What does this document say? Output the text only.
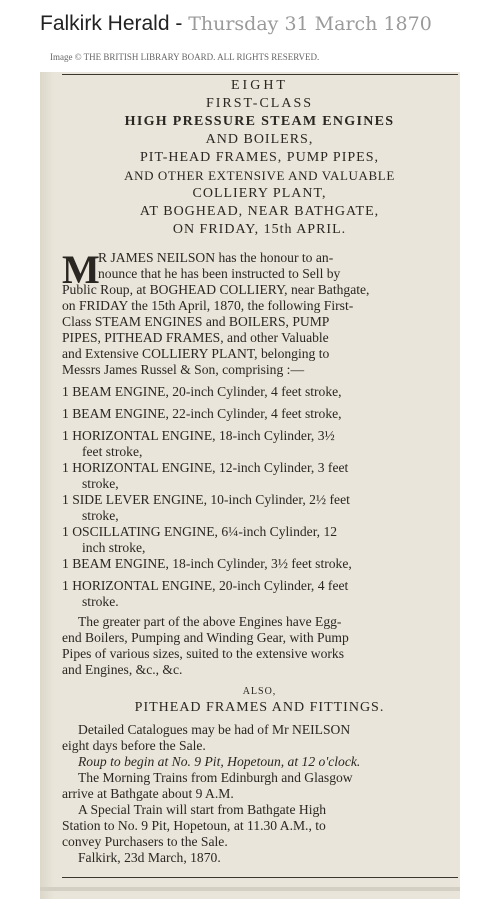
Falkirk Herald - Thursday 31 March 1870
Image © THE BRITISH LIBRARY BOARD. ALL RIGHTS RESERVED.
EIGHT
FIRST-CLASS
HIGH PRESSURE STEAM ENGINES
AND BOILERS,
PIT-HEAD FRAMES, PUMP PIPES,
AND OTHER EXTENSIVE AND VALUABLE
COLLIERY PLANT,
AT BOGHEAD, NEAR BATHGATE,
ON FRIDAY, 15th APRIL.
M
R JAMES NEILSON has the honour to an-
nounce that he has been instructed to Sell by
Public Roup, at BOGHEAD COLLIERY, near Bathgate,
on FRIDAY the 15th April, 1870, the following First-
Class STEAM ENGINES and BOILERS, PUMP
PIPES, PITHEAD FRAMES, and other Valuable
and Extensive COLLIERY PLANT, belonging to
Messrs James Russel & Son, comprising :—
1 BEAM ENGINE, 20-inch Cylinder, 4 feet stroke,
1 BEAM ENGINE, 22-inch Cylinder, 4 feet stroke,
1 HORIZONTAL ENGINE, 18-inch Cylinder, 3½
feet stroke,
1 HORIZONTAL ENGINE, 12-inch Cylinder, 3 feet
stroke,
1 SIDE LEVER ENGINE, 10-inch Cylinder, 2½ feet
stroke,
1 OSCILLATING ENGINE, 6¼-inch Cylinder, 12
inch stroke,
1 BEAM ENGINE, 18-inch Cylinder, 3½ feet stroke,
1 HORIZONTAL ENGINE, 20-inch Cylinder, 4 feet
stroke.
The greater part of the above Engines have Egg-
end Boilers, Pumping and Winding Gear, with Pump
Pipes of various sizes, suited to the extensive works
and Engines, &c., &c.
ALSO,
PITHEAD FRAMES AND FITTINGS.
Detailed Catalogues may be had of Mr NEILSON
eight days before the Sale.
Roup to begin at No. 9 Pit, Hopetoun, at 12 o'clock.
The Morning Trains from Edinburgh and Glasgow
arrive at Bathgate about 9 A.M.
A Special Train will start from Bathgate High
Station to No. 9 Pit, Hopetoun, at 11.30 A.M., to
convey Purchasers to the Sale.
Falkirk, 23d March, 1870.
